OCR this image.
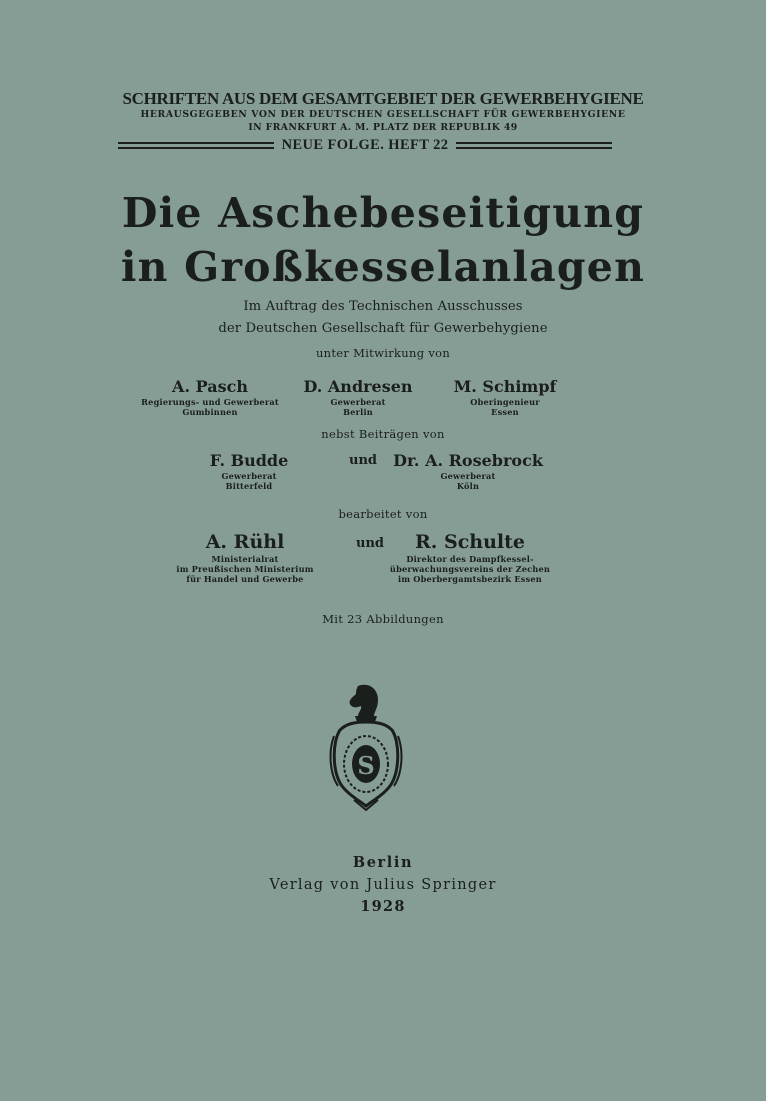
SCHRIFTEN AUS DEM GESAMTGEBIET DER GEWERBEHYGIENE
HERAUSGEGEBEN VON DER DEUTSCHEN GESELLSCHAFT FÜR GEWERBEHYGIENE
IN FRANKFURT A. M. PLATZ DER REPUBLIK 49
NEUE FOLGE. HEFT 22
Die Aschebeseitigung
in Großkesselanlagen
Im Auftrag des Technischen Ausschusses
der Deutschen Gesellschaft für Gewerbehygiene
unter Mitwirkung von
A. Pasch
Regierungs- und Gewerberat
Gumbinnen
D. Andresen
Gewerberat
Berlin
M. Schimpf
Oberingenieur
Essen
nebst Beiträgen von
F. Budde
Gewerberat
Bitterfeld
und Dr. A. Rosebrock
Gewerberat
Köln
bearbeitet von
A. Rühl
Ministerialrat
im Preußischen Ministerium
für Handel und Gewerbe
und	R. Schulte
Direktor des Dampfkessel-
überwachungsvereins der Zechen
im Oberbergamtsbezirk Essen
Mit 23 Abbildungen
S
Berlin
Verlag von Julius Springer
1928
